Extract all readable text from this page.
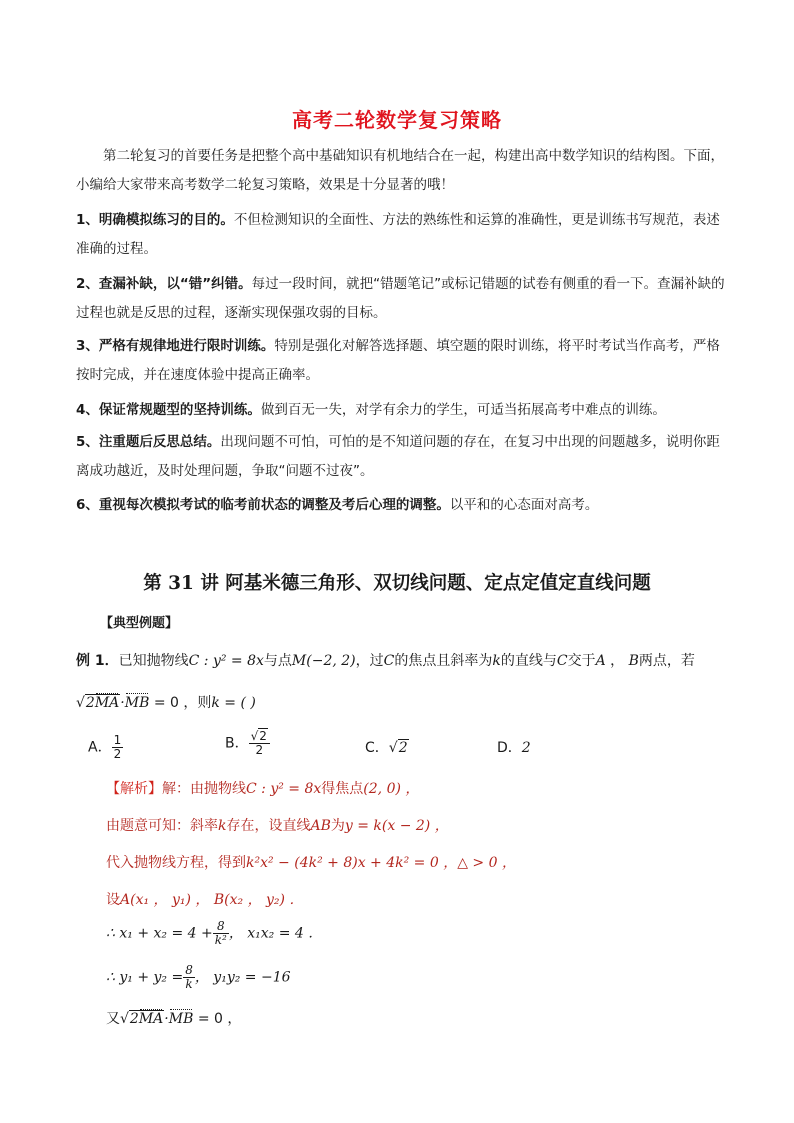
高考二轮数学复习策略
第二轮复习的首要任务是把整个高中基础知识有机地结合在一起，构建出高中数学知识的结构图。下面，小编给大家带来高考数学二轮复习策略，效果是十分显著的哦！
1、明确模拟练习的目的。不但检测知识的全面性、方法的熟练性和运算的准确性，更是训练书写规范，表述准确的过程。
2、查漏补缺，以“错”纠错。每过一段时间，就把“错题笔记”或标记错题的试卷有侧重的看一下。查漏补缺的过程也就是反思的过程，逐渐实现保强攻弱的目标。
3、严格有规律地进行限时训练。特别是强化对解答选择题、填空题的限时训练，将平时考试当作高考，严格按时完成，并在速度体验中提高正确率。
4、保证常规题型的坚持训练。做到百无一失，对学有余力的学生，可适当拓展高考中难点的训练。
5、注重题后反思总结。出现问题不可怕，可怕的是不知道问题的存在，在复习中出现的问题越多，说明你距离成功越近，及时处理问题，争取“问题不过夜”。
6、重视每次模拟考试的临考前状态的调整及考后心理的调整。以平和的心态面对高考。
第 31 讲 阿基米德三角形、双切线问题、定点定值定直线问题
【典型例题】
例 1．已知抛物线C : y² = 8x与点M(−2, 2)，过C的焦点且斜率为k的直线与C交于A ， B两点，若
√2MA·MB = 0 ，则k = ( )
A． $\frac{1}{2}$	B． $\frac{√2}{2}$	C．√2	D．2
【解析】解：由抛物线C : y² = 8x得焦点(2, 0) ，
由题意可知：斜率k存在，设直线AB为y = k(x − 2) ，
代入抛物线方程，得到k²x² − (4k² + 8)x + 4k² = 0 ，△ > 0 ，
设A(x₁ ， y₁) ， B(x₂ ， y₂) ．
∴ $x_1 + x_2 = 4 + \frac{8}{\text{k²}}$ ， x₁x₂ = 4 ．
∴ $y_1 + y_2 = \frac{8}{k}$ ， y₁y₂ = −16
又√2MA·MB = 0 ，
